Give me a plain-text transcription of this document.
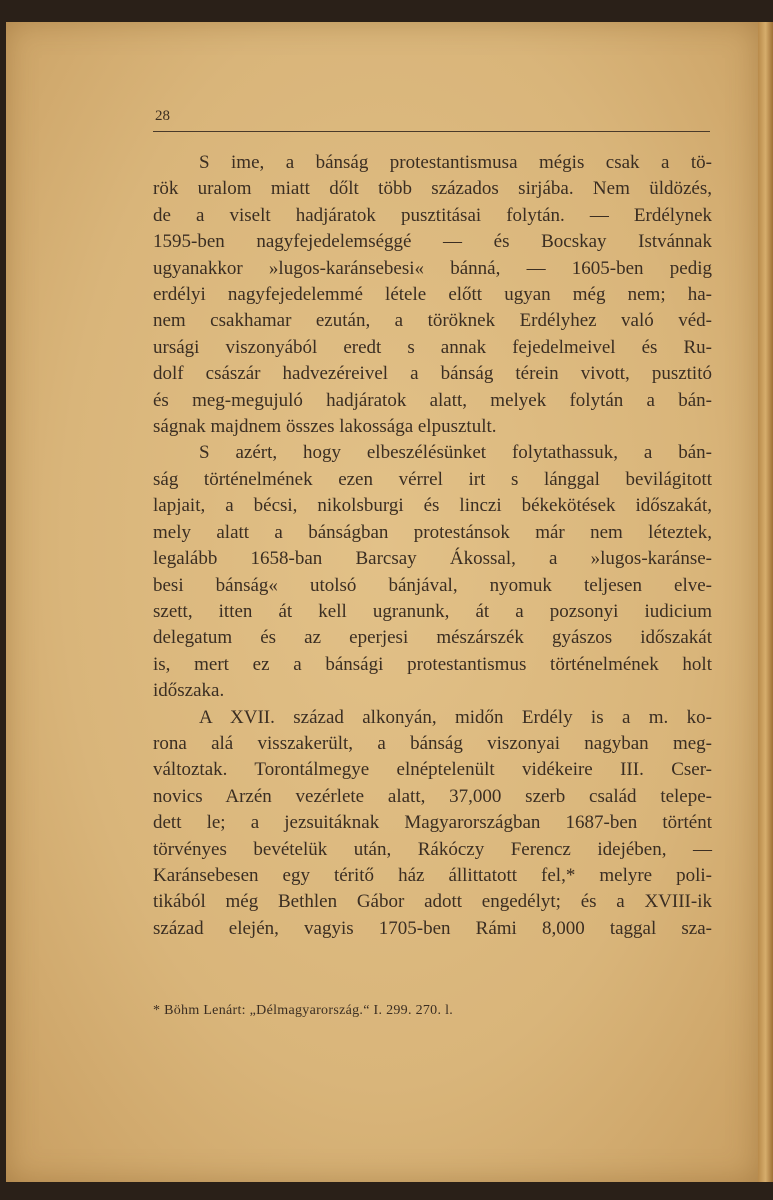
28
S ime, a bánság protestantismusa mégis csak a tö-
rök uralom miatt dőlt több százados sirjába. Nem üldözés,
de a viselt hadjáratok pusztitásai folytán. — Erdélynek
1595-ben nagyfejedelemséggé — és Bocskay Istvánnak
ugyanakkor »lugos-karánsebesi« bánná, — 1605-ben pedig
erdélyi nagyfejedelemmé létele előtt ugyan még nem; ha-
nem csakhamar ezután, a töröknek Erdélyhez való véd-
ursági viszonyából eredt s annak fejedelmeivel és Ru-
dolf császár hadvezéreivel a bánság térein vivott, pusztitó
és meg-megujuló hadjáratok alatt, melyek folytán a bán-
ságnak majdnem összes lakossága elpusztult.
S azért, hogy elbeszélésünket folytathassuk, a bán-
ság történelmének ezen vérrel irt s lánggal bevilágitott
lapjait, a bécsi, nikolsburgi és linczi békekötések időszakát,
mely alatt a bánságban protestánsok már nem léteztek,
legalább 1658-ban Barcsay Ákossal, a »lugos-karánse-
besi bánság« utolsó bánjával, nyomuk teljesen elve-
szett, itten át kell ugranunk, át a pozsonyi iudicium
delegatum és az eperjesi mészárszék gyászos időszakát
is, mert ez a bánsági protestantismus történelmének holt
időszaka.
A XVII. század alkonyán, midőn Erdély is a m. ko-
rona alá visszakerült, a bánság viszonyai nagyban meg-
változtak. Torontálmegye elnéptelenült vidékeire III. Cser-
novics Arzén vezérlete alatt, 37,000 szerb család telepe-
dett le; a jezsuitáknak Magyarországban 1687-ben történt
törvényes bevételük után, Rákóczy Ferencz idejében, —
Karánsebesen egy téritő ház állittatott fel,* melyre poli-
tikából még Bethlen Gábor adott engedélyt; és a XVIII-ik
század elején, vagyis 1705-ben Rámi 8,000 taggal sza-
* Böhm Lenárt: „Délmagyarország.“ I. 299. 270. l.
